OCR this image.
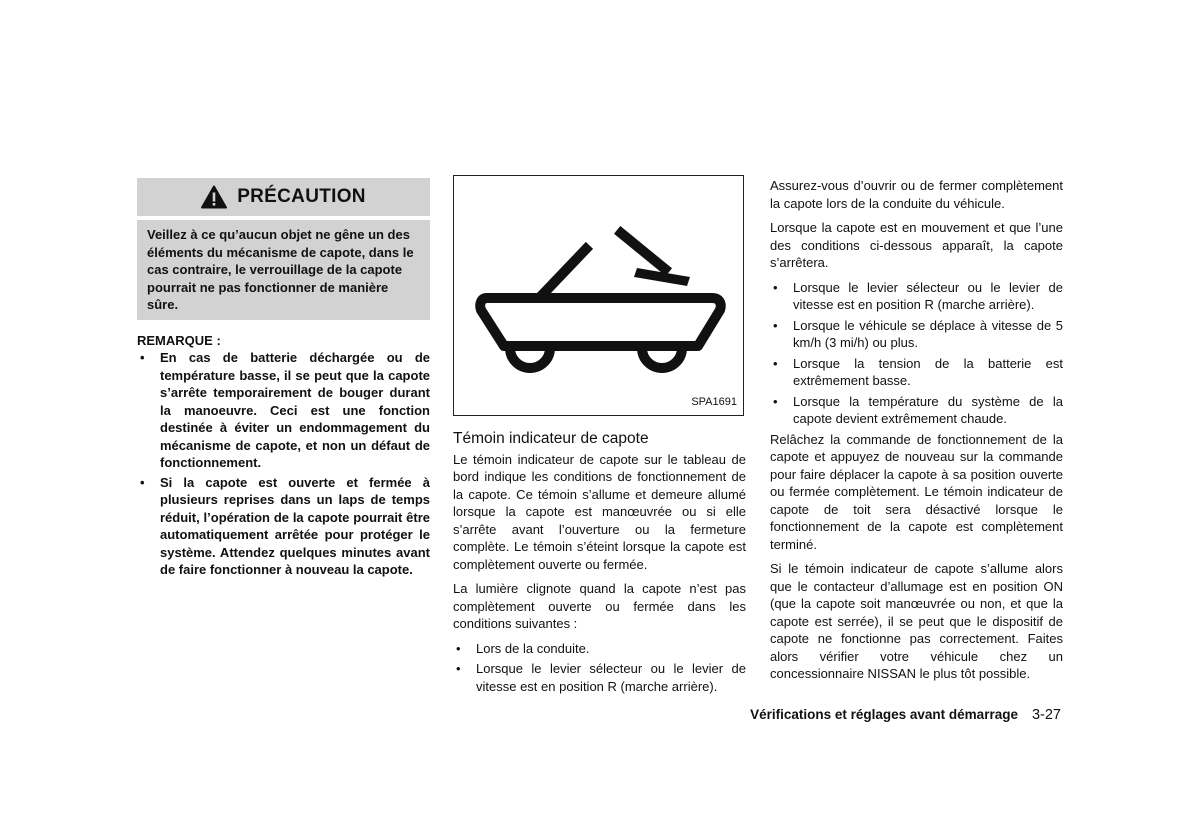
PRÉCAUTION
Veillez à ce qu’aucun objet ne gêne un des éléments du mécanisme de capote, dans le cas contraire, le verrouillage de la capote pourrait ne pas fonctionner de manière sûre.
REMARQUE :
• En cas de batterie déchargée ou de température basse, il se peut que la capote s’arrête temporairement de bouger durant la manoeuvre. Ceci est une fonction destinée à éviter un endommagement du mécanisme de capote, et non un défaut de fonctionnement.
• Si la capote est ouverte et fermée à plusieurs reprises dans un laps de temps réduit, l’opération de la capote pourrait être automatiquement arrêtée pour protéger le système. Attendez quelques minutes avant de faire fonctionner à nouveau la capote.
SPA1691
Témoin indicateur de capote

Le témoin indicateur de capote sur le tableau de bord indique les conditions de fonctionnement de la capote. Ce témoin s’allume et demeure allumé lorsque la capote est manœuvrée ou si elle s’arrête avant l’ouverture ou la fermeture complète. Le témoin s’éteint lorsque la capote est complètement ouverte ou fermée.

La lumière clignote quand la capote n’est pas complètement ouverte ou fermée dans les conditions suivantes :

• Lors de la conduite.
• Lorsque le levier sélecteur ou le levier de vitesse est en position R (marche arrière).

Assurez-vous d’ouvrir ou de fermer complètement la capote lors de la conduite du véhicule.

Lorsque la capote est en mouvement et que l’une des conditions ci-dessous apparaît, la capote s’arrêtera.

• Lorsque le levier sélecteur ou le levier de vitesse est en position R (marche arrière).
• Lorsque le véhicule se déplace à vitesse de 5 km/h (3 mi/h) ou plus.
• Lorsque la tension de la batterie est extrêmement basse.
• Lorsque la température du système de la capote devient extrêmement chaude.

Relâchez la commande de fonctionnement de la capote et appuyez de nouveau sur la commande pour faire déplacer la capote à sa position ouverte ou fermée complètement. Le témoin indicateur de capote de toit sera désactivé lorsque le fonctionnement de la capote est complètement terminé.

Si le témoin indicateur de capote s’allume alors que le contacteur d’allumage est en position ON (que la capote soit manœuvrée ou non, et que la capote est serrée), il se peut que le dispositif de capote ne fonctionne pas correctement. Faites alors vérifier votre véhicule chez un concessionnaire NISSAN le plus tôt possible.

Vérifications et réglages avant démarrage 3-27
